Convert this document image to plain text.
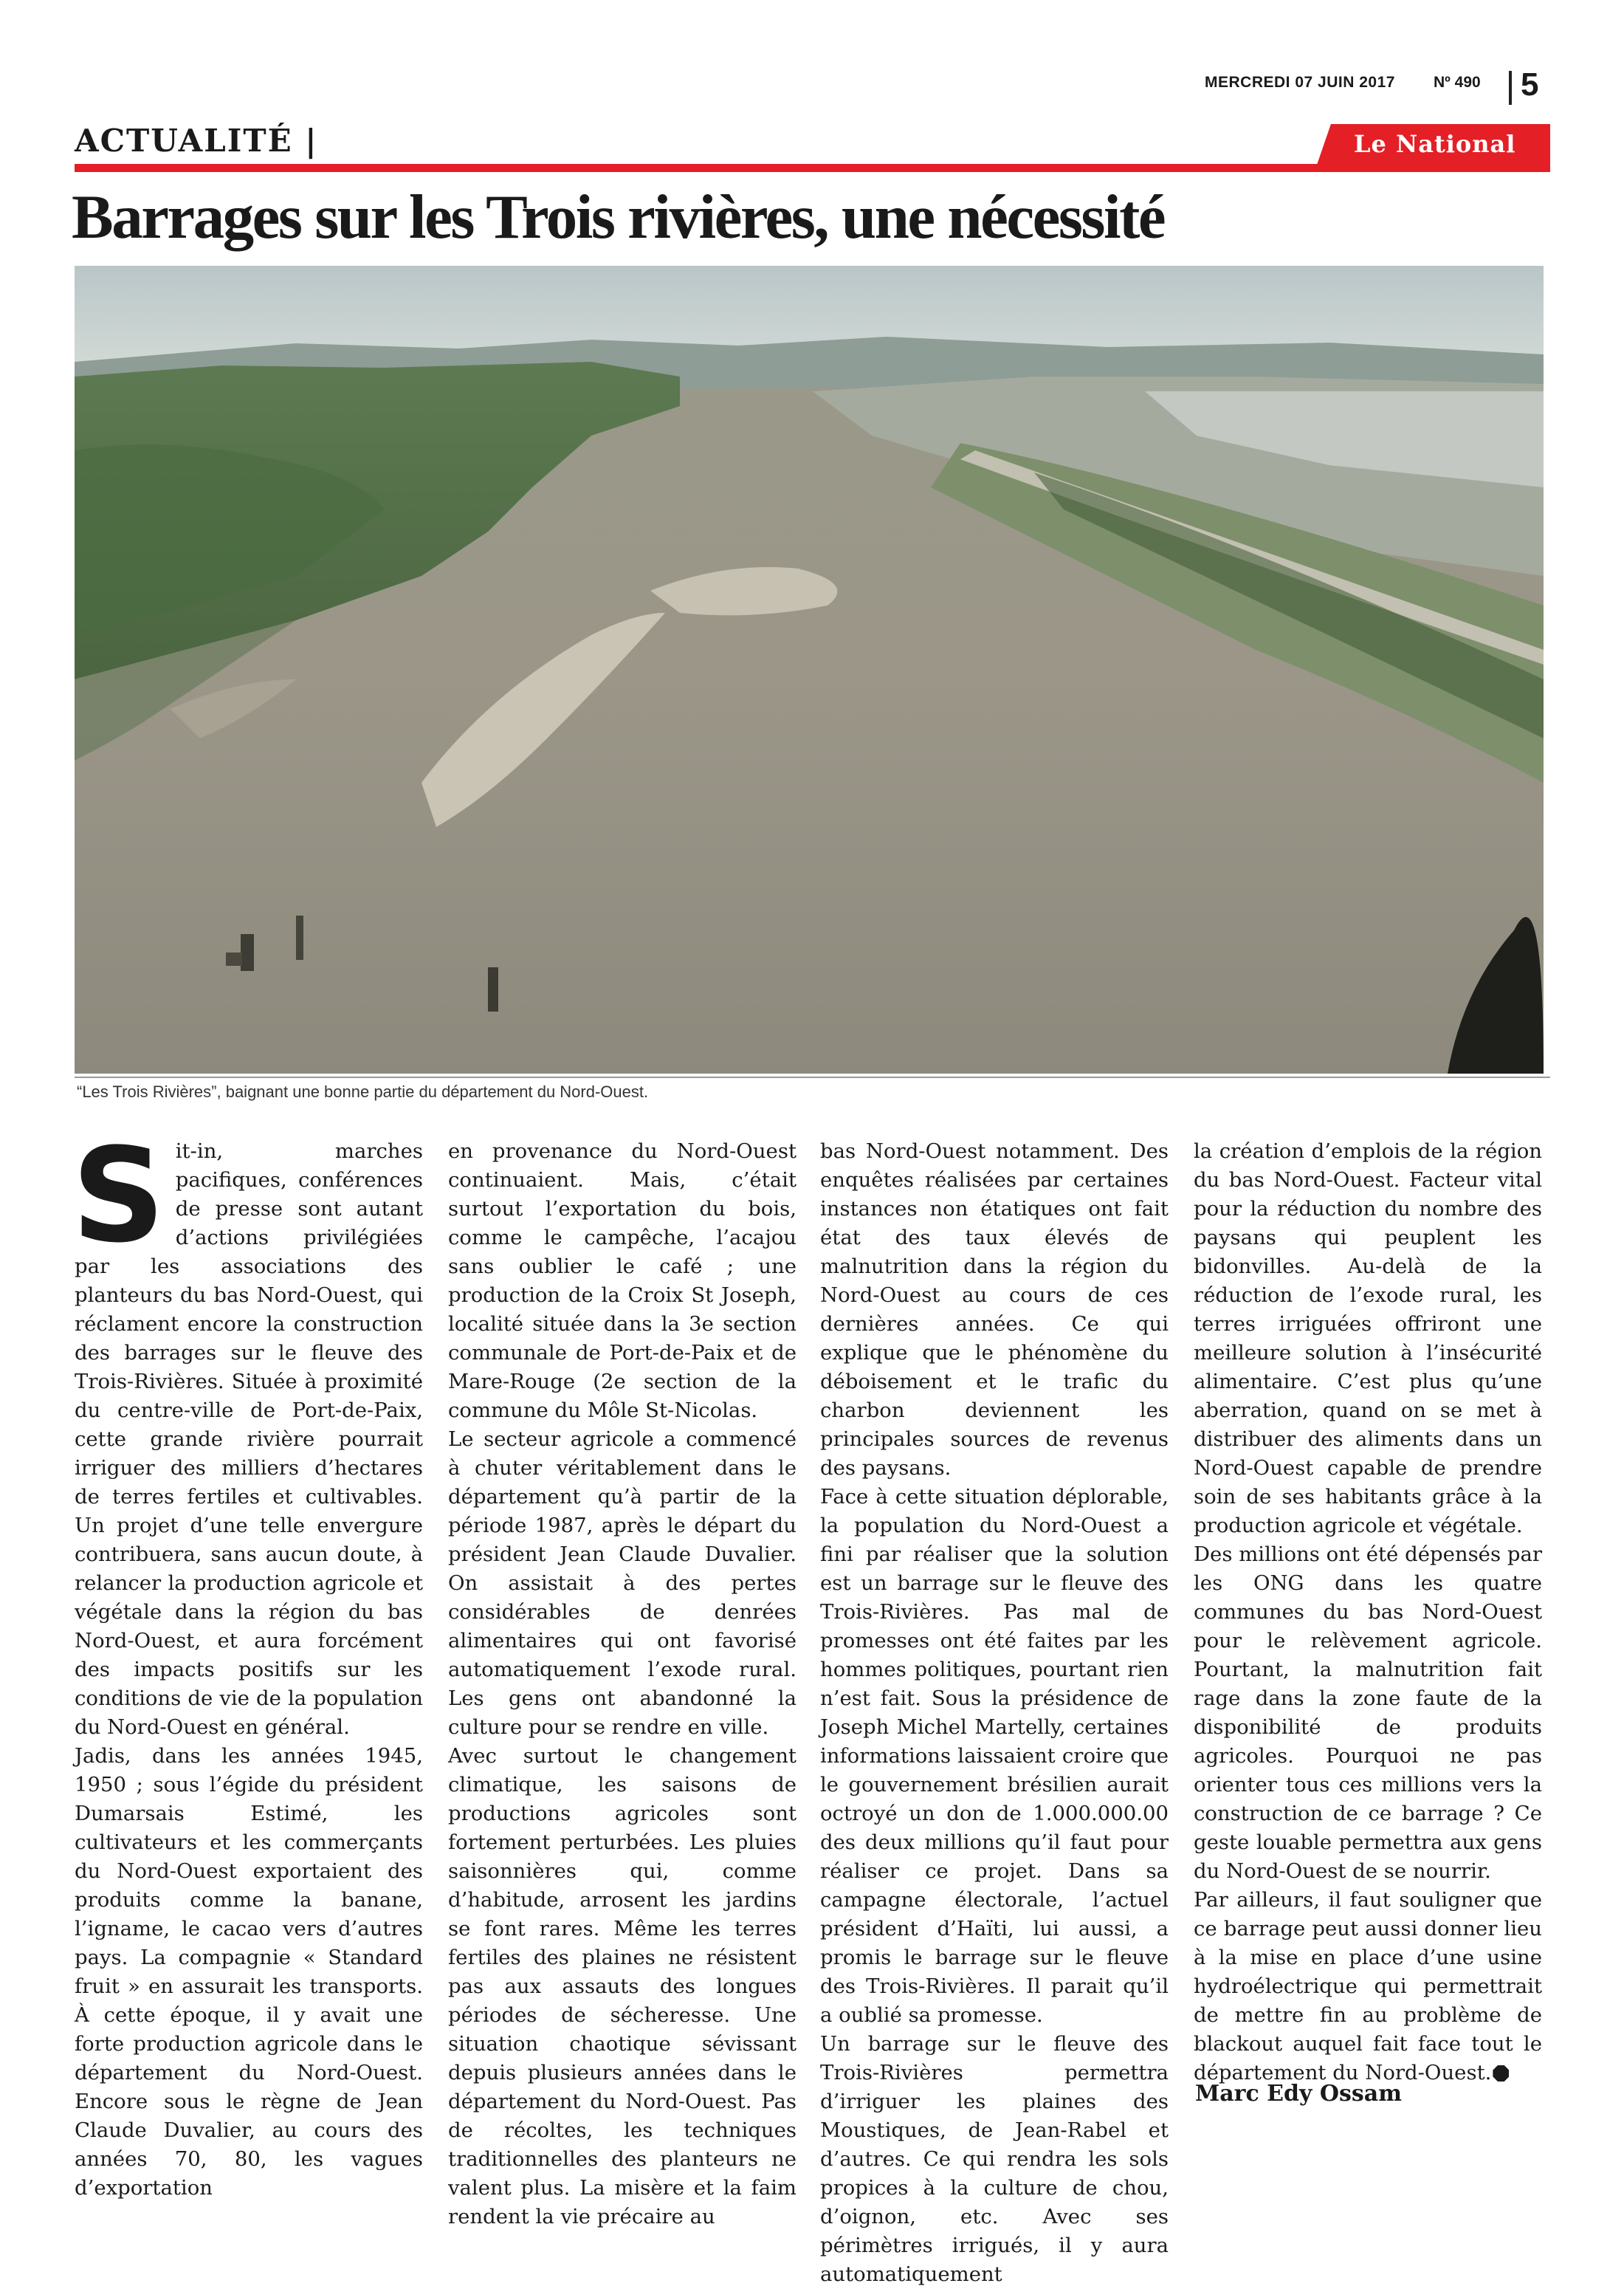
MERCREDI 07 JUIN 2017 Nº 490 5
ACTUALITÉ |	Le National
Barrages sur les Trois rivières, une nécessité
“Les Trois Rivières”, baignant une bonne partie du département du Nord-Ouest.

Sit-in, marches pacifiques, conférences de presse sont autant d’actions privilégiées par les associations des planteurs du bas Nord-Ouest, qui réclament encore la construction des barrages sur le fleuve des Trois-Rivières. Située à proximité du centre-ville de Port-de-Paix, cette grande rivière pourrait irriguer des milliers d’hectares de terres fertiles et cultivables. Un projet d’une telle envergure contribuera, sans aucun doute, à relancer la production agricole et végétale dans la région du bas Nord-Ouest, et aura forcément des impacts positifs sur les conditions de vie de la population du Nord-Ouest en général.

Jadis, dans les années 1945, 1950 ; sous l’égide du président Dumarsais Estimé, les cultivateurs et les commerçants du Nord-Ouest exportaient des produits comme la banane, l’igname, le cacao vers d’autres pays. La compagnie « Standard fruit » en assurait les transports. À cette époque, il y avait une forte production agricole dans le département du Nord-Ouest. Encore sous le règne de Jean Claude Duvalier, au cours des années 70, 80, les vagues d’exportation

en provenance du Nord-Ouest continuaient. Mais, c’était surtout l’exportation du bois, comme le campêche, l’acajou sans oublier le café ; une production de la Croix St Joseph, localité située dans la 3e section communale de Port-de-Paix et de Mare-Rouge (2e section de la commune du Môle St-Nicolas.

Le secteur agricole a commencé à chuter véritablement dans le département qu’à partir de la période 1987, après le départ du président Jean Claude Duvalier. On assistait à des pertes considérables de denrées alimentaires qui ont favorisé automatiquement l’exode rural. Les gens ont abandonné la culture pour se rendre en ville.

Avec surtout le changement climatique, les saisons de productions agricoles sont fortement perturbées. Les pluies saisonnières qui, comme d’habitude, arrosent les jardins se font rares. Même les terres fertiles des plaines ne résistent pas aux assauts des longues périodes de sécheresse. Une situation chaotique sévissant depuis plusieurs années dans le département du Nord-Ouest. Pas de récoltes, les techniques traditionnelles des planteurs ne valent plus. La misère et la faim rendent la vie précaire au

bas Nord-Ouest notamment. Des enquêtes réalisées par certaines instances non étatiques ont fait état des taux élevés de malnutrition dans la région du Nord-Ouest au cours de ces dernières années. Ce qui explique que le phénomène du déboisement et le trafic du charbon deviennent les principales sources de revenus des paysans.

Face à cette situation déplorable, la population du Nord-Ouest a fini par réaliser que la solution est un barrage sur le fleuve des Trois-Rivières. Pas mal de promesses ont été faites par les hommes politiques, pourtant rien n’est fait. Sous la présidence de Joseph Michel Martelly, certaines informations laissaient croire que le gouvernement brésilien aurait octroyé un don de 1.000.000.00 des deux millions qu’il faut pour réaliser ce projet. Dans sa campagne électorale, l’actuel président d’Haïti, lui aussi, a promis le barrage sur le fleuve des Trois-Rivières. Il parait qu’il a oublié sa promesse.

Un barrage sur le fleuve des Trois-Rivières permettra d’irriguer les plaines des Moustiques, de Jean-Rabel et d’autres. Ce qui rendra les sols propices à la culture de chou, d’oignon, etc. Avec ses périmètres irrigués, il y aura automatiquement

la création d’emplois de la région du bas Nord-Ouest. Facteur vital pour la réduction du nombre des paysans qui peuplent les bidonvilles. Au-delà de la réduction de l’exode rural, les terres irriguées offriront une meilleure solution à l’insécurité alimentaire. C’est plus qu’une aberration, quand on se met à distribuer des aliments dans un Nord-Ouest capable de prendre soin de ses habitants grâce à la production agricole et végétale.

Des millions ont été dépensés par les ONG dans les quatre communes du bas Nord-Ouest pour le relèvement agricole. Pourtant, la malnutrition fait rage dans la zone faute de la disponibilité de produits agricoles. Pourquoi ne pas orienter tous ces millions vers la construction de ce barrage ? Ce geste louable permettra aux gens du Nord-Ouest de se nourrir.

Par ailleurs, il faut souligner que ce barrage peut aussi donner lieu à la mise en place d’une usine hydroélectrique qui permettrait de mettre fin au problème de blackout auquel fait face tout le département du Nord-Ouest.

Marc Edy Ossam
